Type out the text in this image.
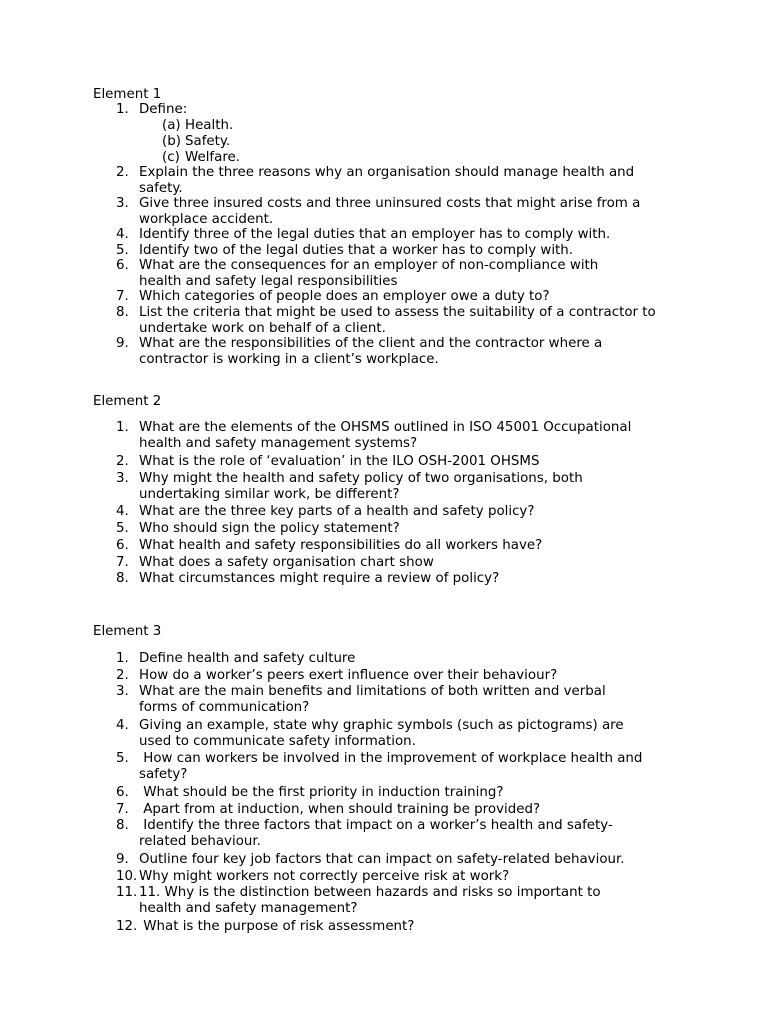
Element 1
1. Define:
(a) Health.
(b) Safety.
(c) Welfare.
2. Explain the three reasons why an organisation should manage health and safety.
3. Give three insured costs and three uninsured costs that might arise from a workplace accident.
4. Identify three of the legal duties that an employer has to comply with.
5. Identify two of the legal duties that a worker has to comply with.
6. What are the consequences for an employer of non-compliance with health and safety legal responsibilities
7. Which categories of people does an employer owe a duty to?
8. List the criteria that might be used to assess the suitability of a contractor to undertake work on behalf of a client.
9. What are the responsibilities of the client and the contractor where a contractor is working in a client’s workplace.
Element 2
1. What are the elements of the OHSMS outlined in ISO 45001 Occupational health and safety management systems?
2. What is the role of ‘evaluation’ in the ILO OSH-2001 OHSMS
3. Why might the health and safety policy of two organisations, both undertaking similar work, be different?
4. What are the three key parts of a health and safety policy?
5. Who should sign the policy statement?
6. What health and safety responsibilities do all workers have?
7. What does a safety organisation chart show
8. What circumstances might require a review of policy?
Element 3
1. Define health and safety culture
2. How do a worker’s peers exert influence over their behaviour?
3. What are the main benefits and limitations of both written and verbal forms of communication?
4. Giving an example, state why graphic symbols (such as pictograms) are used to communicate safety information.
5. How can workers be involved in the improvement of workplace health and safety?
6. What should be the first priority in induction training?
7. Apart from at induction, when should training be provided?
8. Identify the three factors that impact on a worker’s health and safety-related behaviour.
9. Outline four key job factors that can impact on safety-related behaviour.
10. Why might workers not correctly perceive risk at work?
11. 11. Why is the distinction between hazards and risks so important to health and safety management?
12. What is the purpose of risk assessment?
